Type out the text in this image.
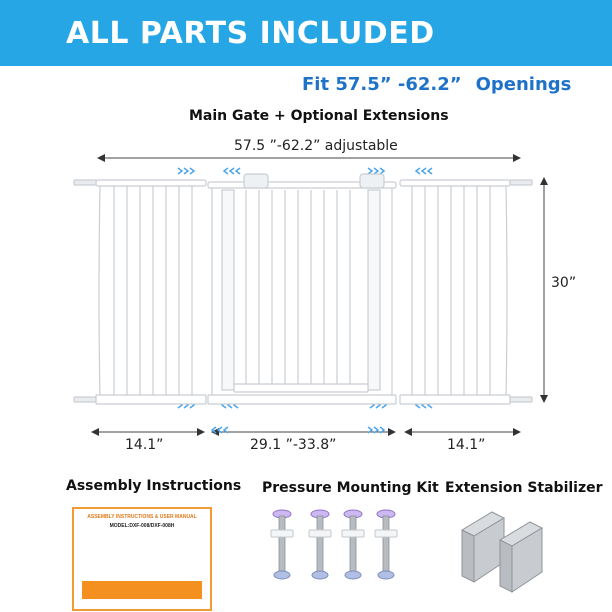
ALL PARTS INCLUDED
Fit 57.5” -62.2” Openings
Main Gate + Optional Extensions
57.5 ”-62.2” adjustable
30”
14.1”	29.1 ”-33.8”	14.1”
Assembly Instructions Pressure Mounting Kit Extension Stabilizer
ASSEMBLY INSTRUCTIONS & USER MANUAL
MODEL:DXF-008/DXF-008H
